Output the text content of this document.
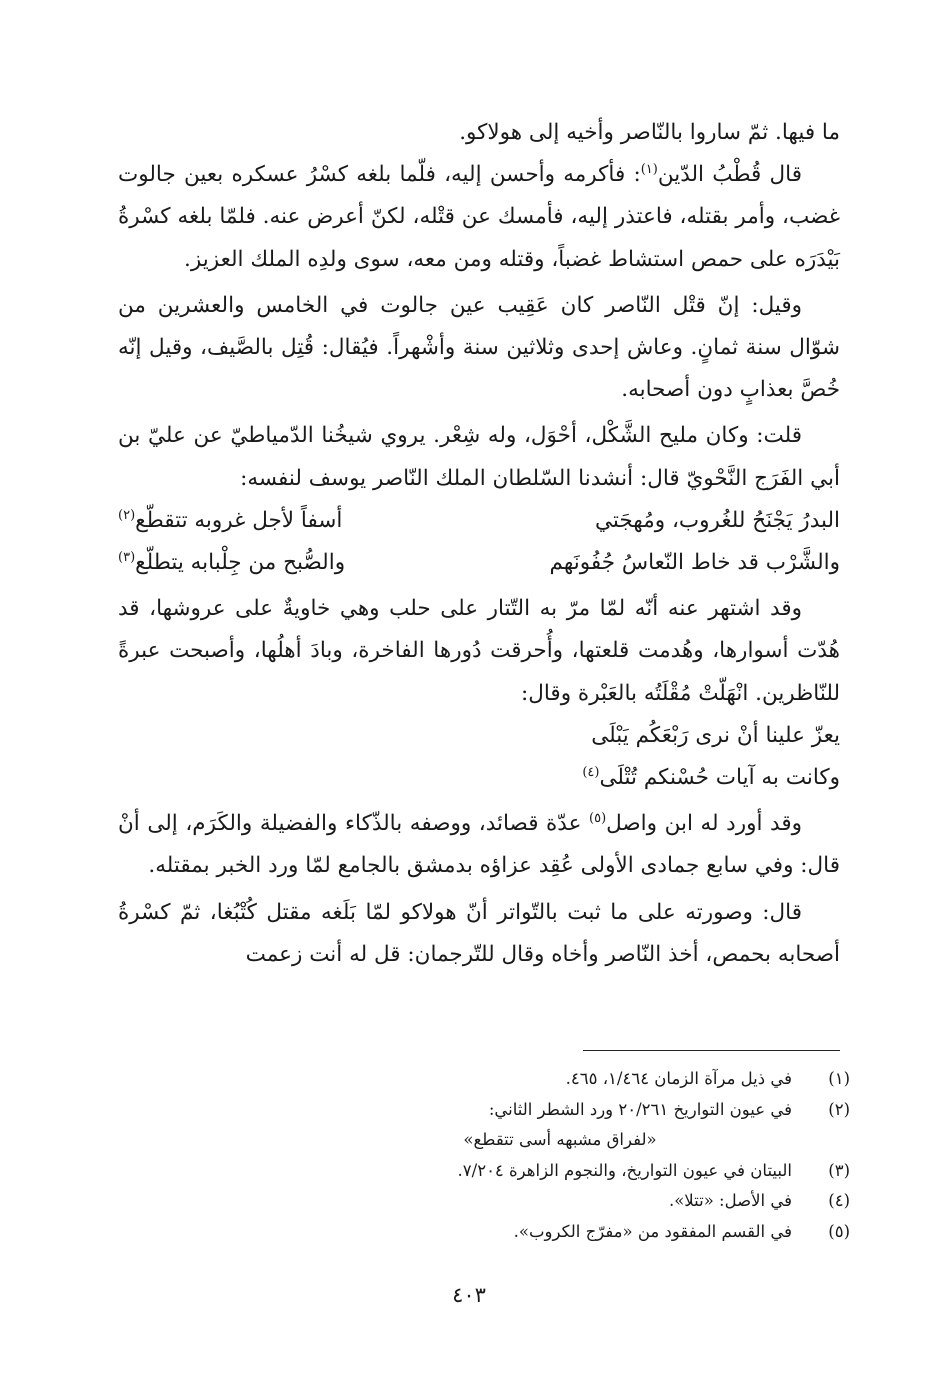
ما فيها. ثمّ ساروا بالنّاصر وأخيه إلى هولاكو.

قال قُطْبُ الدّين$^{(١)}$: فأكرمه وأحسن إليه، فلّما بلغه كسْرُ عسكره بعين جالوت غضب، وأمر بقتله، فاعتذر إليه، فأمسك عن قتْله، لكنّ أعرض عنه. فلمّا بلغه كسْرةُ بَيْدَرَه على حمص استشاط غضباً، وقتله ومن معه، سوى ولدِه الملك العزيز.

وقيل: إنّ قتْل النّاصر كان عَقِيب عين جالوت في الخامس والعشرين من شوّال سنة ثمانٍ. وعاش إحدى وثلاثين سنة وأشْهراً. فيُقال: قُتِل بالصَّيف، وقيل إنّه خُصَّ بعذابٍ دون أصحابه.

قلت: وكان مليح الشَّكْل، أحْوَل، وله شِعْر. يروي شيخُنا الدّمياطيّ عن عليّ بن أبي الفَرَج النَّحْويّ قال: أنشدنا السّلطان الملك النّاصر يوسف لنفسه:

البدرُ يَجْنَحُ للغُروب، ومُهجَتي
أسفاً لأجل غروبه تتقطّع$^{(٢)}$
والشَّرْب قد خاط النّعاسُ جُفُونَهم
والصُّبح من جِلْبابه يتطلّع$^{(٣)}$

وقد اشتهر عنه أنّه لمّا مرّ به التّتار على حلب وهي خاويةٌ على عروشها، قد هُدّت أسوارها، وهُدمت قلعتها، وأُحرقت دُورها الفاخرة، وبادَ أهلُها، وأصبحت عبرةً للنّاظرين. انْهَلّتْ مُقْلَتُه بالعَبْرة وقال:

يعزّ علينا أنْ نرى رَبْعَكُم يَبْلَى

وكانت به آيات حُسْنكم تُتْلَى$^{(٤)}$

وقد أورد له ابن واصل$^{(٥)}$ عدّة قصائد، ووصفه بالذّكاء والفضيلة والكَرَم، إلى أنْ قال: وفي سابع جمادى الأولى عُقِد عزاؤه بدمشق بالجامع لمّا ورد الخبر بمقتله.

قال: وصورته على ما ثبت بالتّواتر أنّ هولاكو لمّا بَلَغه مقتل كُتْبُغا، ثمّ كسْرةُ أصحابه بحمص، أخذ النّاصر وأخاه وقال للتّرجمان: قل له أنت زعمت

(١)
في ذيل مرآة الزمان ١/٤٦٤، ٤٦٥.
(٢)
في عيون التواريخ ٢٠/٢٦١ ورد الشطر الثاني:
«لفراق مشبهه أسى تتقطع»
(٣)
البيتان في عيون التواريخ، والنجوم الزاهرة ٧/٢٠٤.
(٤)
في الأصل: «تتلا».
(٥)
في القسم المفقود من «مفرّج الكروب».
٤٠٣
